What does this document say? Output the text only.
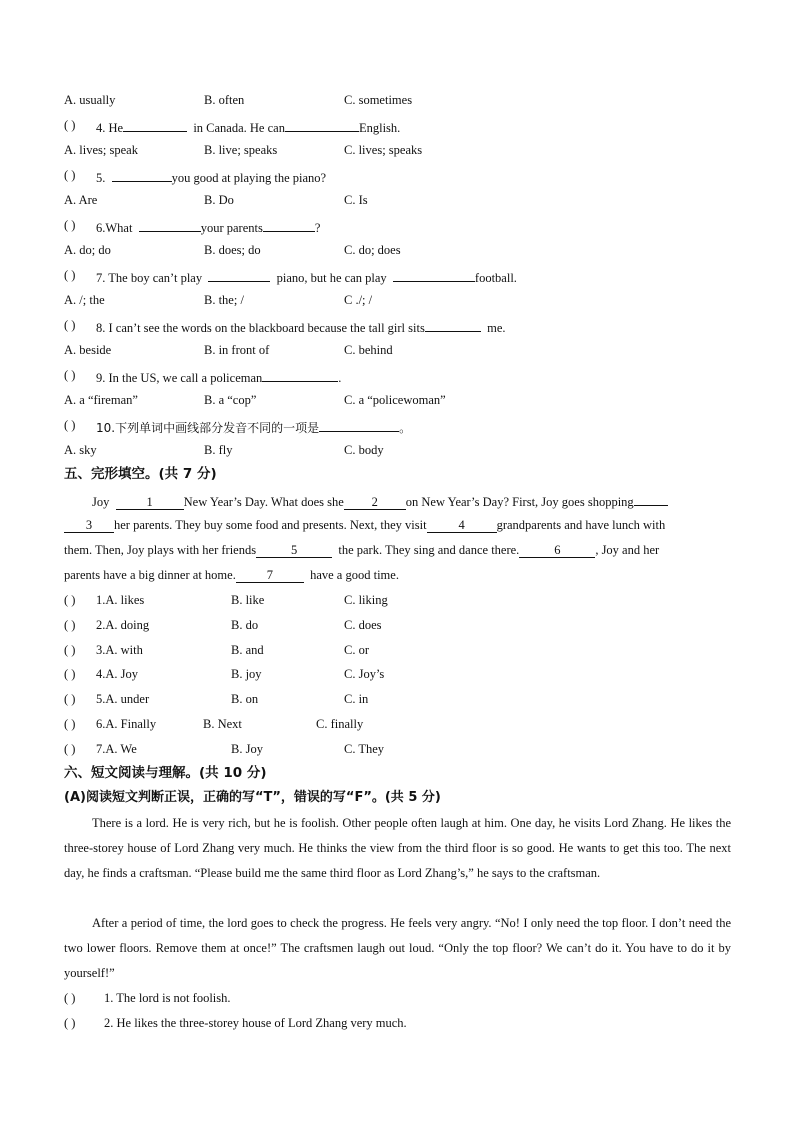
A. usually	B. often	C. sometimes
( ) 4. He	in Canada. He can	English.
A. lives; speak	B. live; speaks	C. lives; speaks
( ) 5.	you good at playing the piano?
A. Are	B. Do	C. Is
( ) 6.What	your parents	?
A. do; do	B. does; do	C. do; does
( ) 7. The boy can’t play	piano, but he can play	football.
A. /; the	B. the; /	C ./; /
( ) 8. I can’t see the words on the blackboard because the tall girl sits	me.
A. beside	B. in front of	C. behind
( ) 9. In the US, we call a policeman	.
A. a “fireman”	B. a “cop”	C. a “policewoman”
( ) 10.下列单词中画线部分发音不同的一项是	。
A. sky	B. fly	C. body
五、完形填空。(共 7 分)
Joy	1 New Year’s Day. What does she 2 on New Year’s Day? First, Joy goes shopping
3 her parents. They buy some food and presents. Next, they visit	4	grandparents and have lunch with
them. Then, Joy plays with her friends	5	the park. They sing and dance there.	6	, Joy and her
parents have a big dinner at home. 7	have a good time.
( ) 1.A. likes	B. like	C. liking
( ) 2.A. doing	B. do	C. does
( ) 3.A. with	B. and	C. or
( ) 4.A. Joy	B. joy	C. Joy’s
( ) 5.A. under	B. on	C. in
( ) 6.A. Finally	B. Next	C. finally
( ) 7.A. We	B. Joy	C. They
六、短文阅读与理解。(共 10 分)
(A)阅读短文判断正误，正确的写“T”，错误的写“F”。(共 5 分)
There is a lord. He is very rich, but he is foolish. Other people often laugh at him. One day, he visits Lord Zhang. He likes the three-storey house of Lord Zhang very much. He thinks the view from the third floor is so good. He wants to get this too. The next day, he finds a craftsman. “Please build me the same third floor as Lord Zhang’s,” he says to the craftsman.
After a period of time, the lord goes to check the progress. He feels very angry. “No! I only need the top floor. I don’t need the two lower floors. Remove them at once!” The craftsmen laugh out loud. “Only the top floor? We can’t do it. You have to do it by yourself!”
( ) 1. The lord is not foolish.
( ) 2. He likes the three-storey house of Lord Zhang very much.
